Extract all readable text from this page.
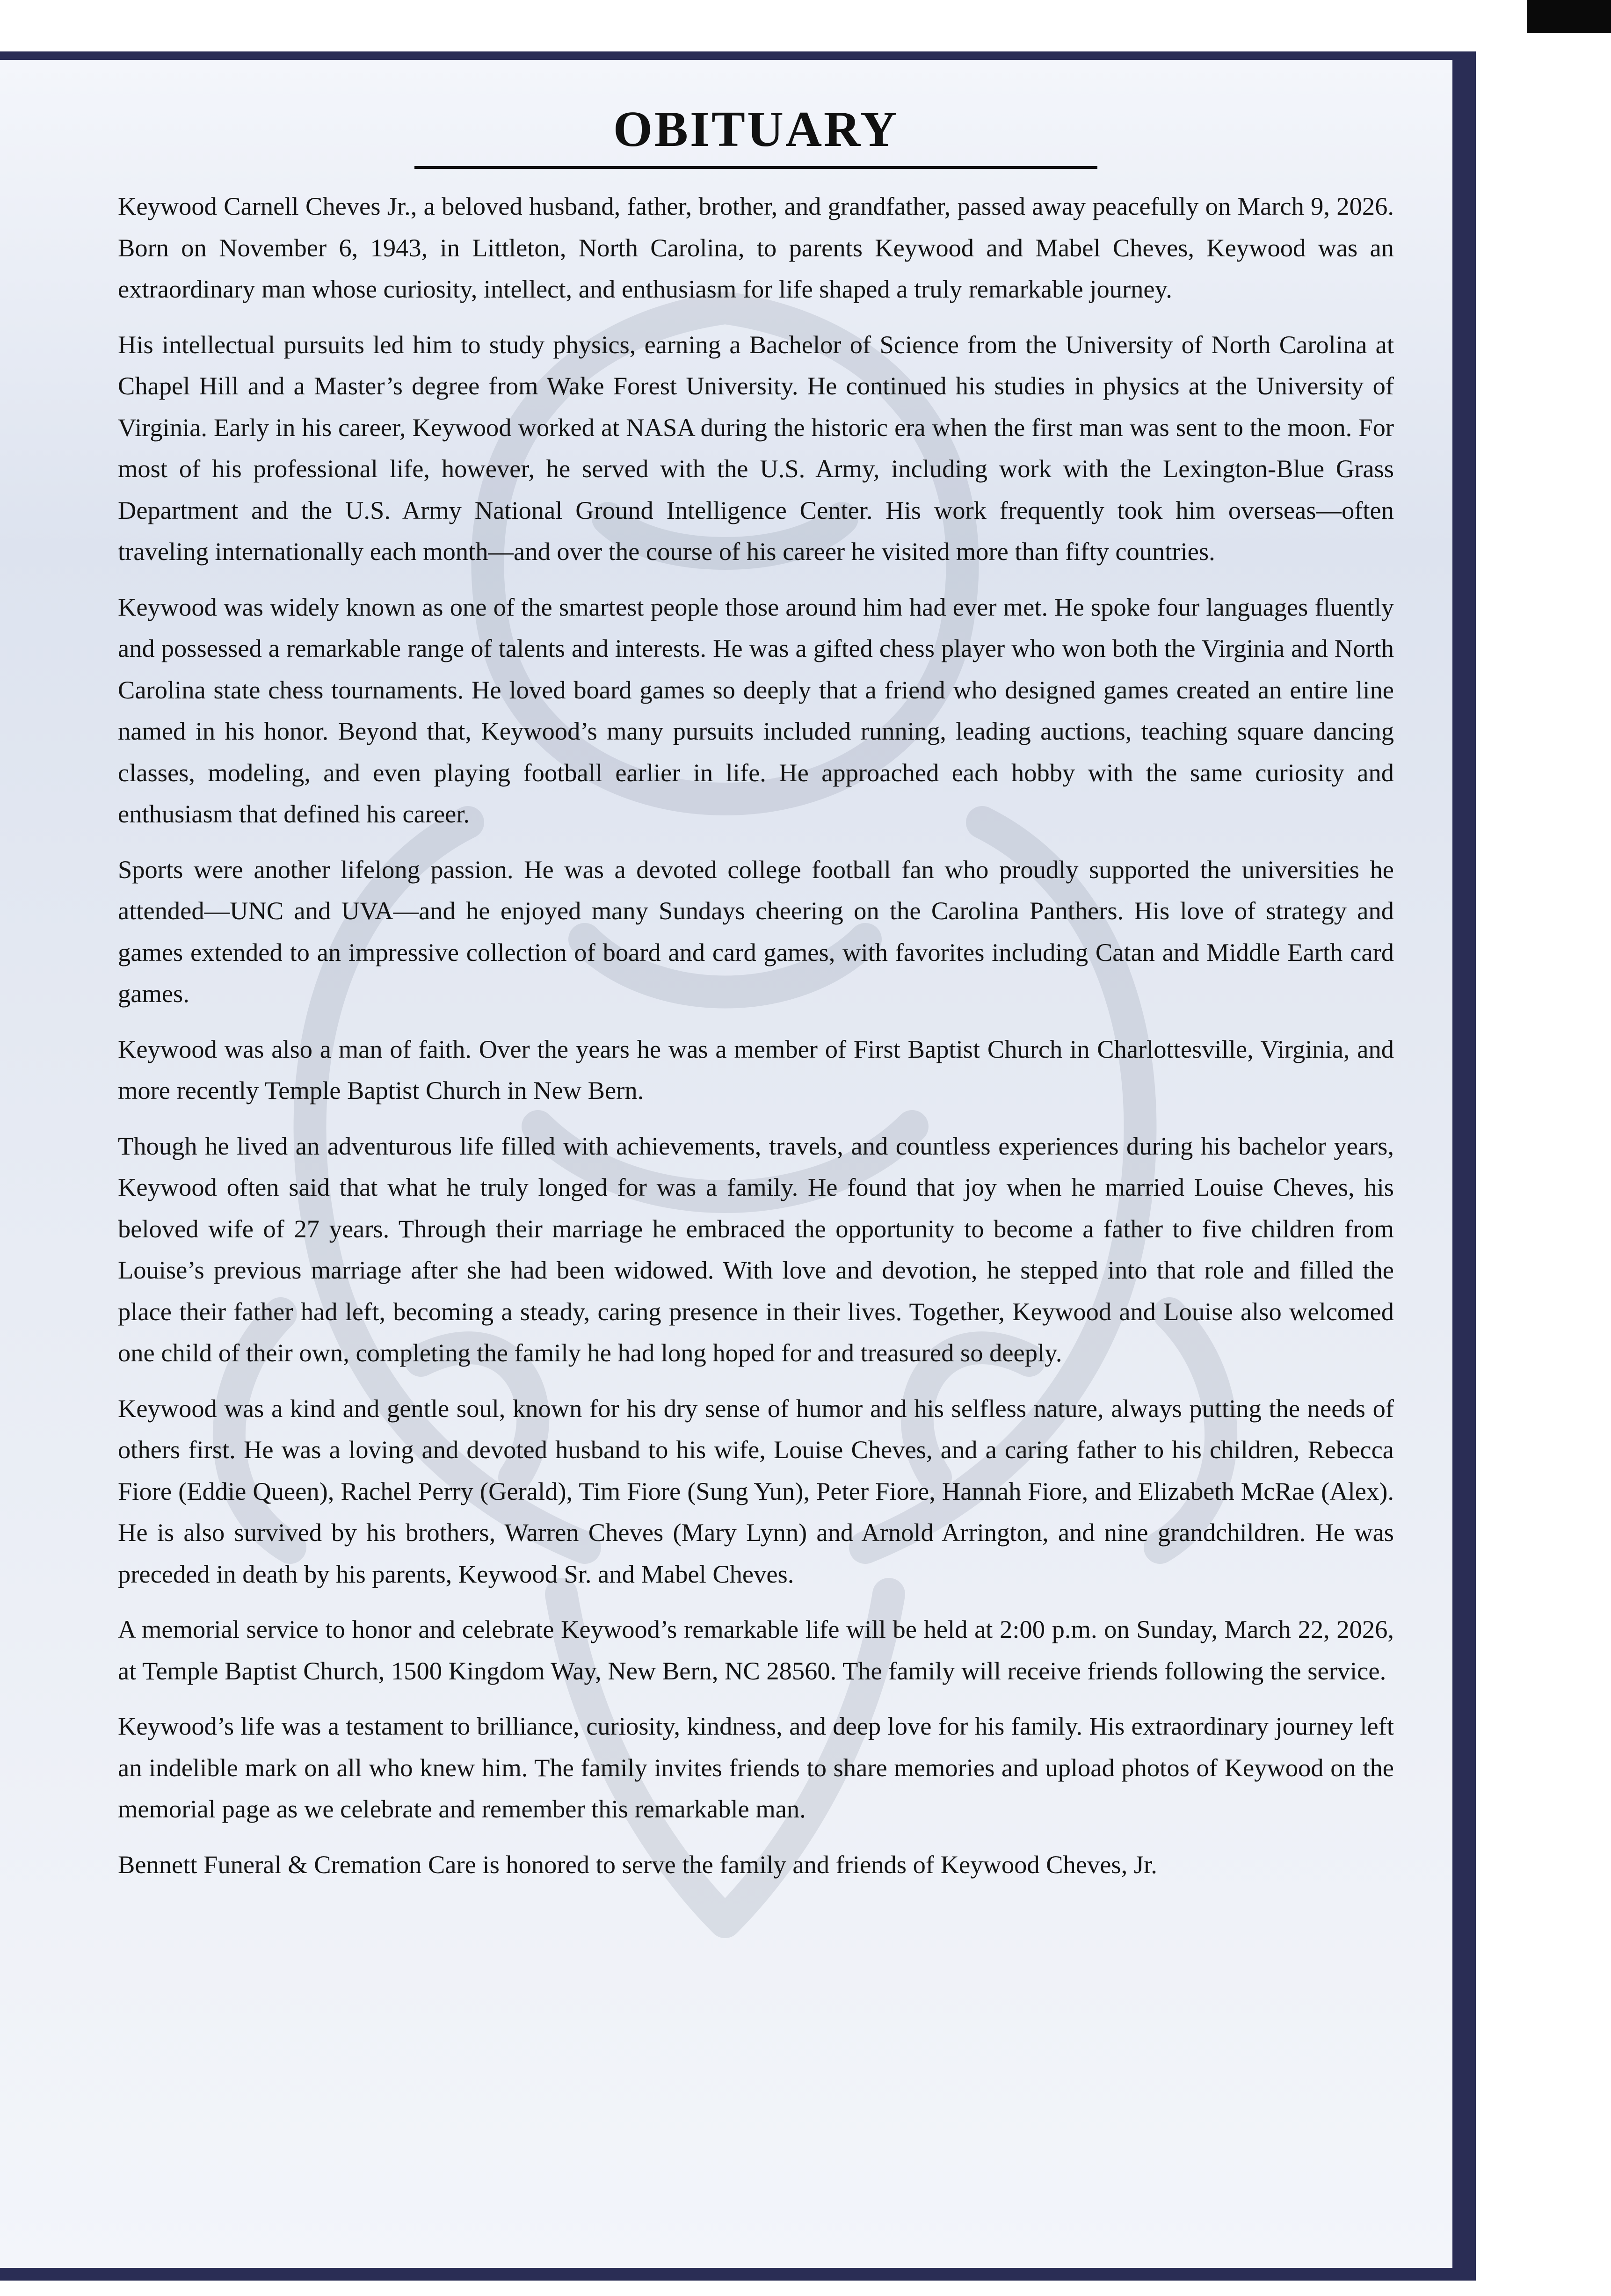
OBITUARY

Keywood Carnell Cheves Jr., a beloved husband, father, brother, and grandfather, passed away peacefully on March 9, 2026. Born on November 6, 1943, in Littleton, North Carolina, to parents Keywood and Mabel Cheves, Keywood was an extraordinary man whose curiosity, intellect, and enthusiasm for life shaped a truly remarkable journey.

His intellectual pursuits led him to study physics, earning a Bachelor of Science from the University of North Carolina at Chapel Hill and a Master’s degree from Wake Forest University. He continued his studies in physics at the University of Virginia. Early in his career, Keywood worked at NASA during the historic era when the first man was sent to the moon. For most of his professional life, however, he served with the U.S. Army, including work with the Lexington-Blue Grass Department and the U.S. Army National Ground Intelligence Center. His work frequently took him overseas—often traveling internationally each month—and over the course of his career he visited more than fifty countries.

Keywood was widely known as one of the smartest people those around him had ever met. He spoke four languages fluently and possessed a remarkable range of talents and interests. He was a gifted chess player who won both the Virginia and North Carolina state chess tournaments. He loved board games so deeply that a friend who designed games created an entire line named in his honor. Beyond that, Keywood’s many pursuits included running, leading auctions, teaching square dancing classes, modeling, and even playing football earlier in life. He approached each hobby with the same curiosity and enthusiasm that defined his career.

Sports were another lifelong passion. He was a devoted college football fan who proudly supported the universities he attended—UNC and UVA—and he enjoyed many Sundays cheering on the Carolina Panthers. His love of strategy and games extended to an impressive collection of board and card games, with favorites including Catan and Middle Earth card games.

Keywood was also a man of faith. Over the years he was a member of First Baptist Church in Charlottesville, Virginia, and more recently Temple Baptist Church in New Bern.

Though he lived an adventurous life filled with achievements, travels, and countless experiences during his bachelor years, Keywood often said that what he truly longed for was a family. He found that joy when he married Louise Cheves, his beloved wife of 27 years. Through their marriage he embraced the opportunity to become a father to five children from Louise’s previous marriage after she had been widowed. With love and devotion, he stepped into that role and filled the place their father had left, becoming a steady, caring presence in their lives. Together, Keywood and Louise also welcomed one child of their own, completing the family he had long hoped for and treasured so deeply.

Keywood was a kind and gentle soul, known for his dry sense of humor and his selfless nature, always putting the needs of others first. He was a loving and devoted husband to his wife, Louise Cheves, and a caring father to his children, Rebecca Fiore (Eddie Queen), Rachel Perry (Gerald), Tim Fiore (Sung Yun), Peter Fiore, Hannah Fiore, and Elizabeth McRae (Alex). He is also survived by his brothers, Warren Cheves (Mary Lynn) and Arnold Arrington, and nine grandchildren. He was preceded in death by his parents, Keywood Sr. and Mabel Cheves.

A memorial service to honor and celebrate Keywood’s remarkable life will be held at 2:00 p.m. on Sunday, March 22, 2026, at Temple Baptist Church, 1500 Kingdom Way, New Bern, NC 28560. The family will receive friends following the service.

Keywood’s life was a testament to brilliance, curiosity, kindness, and deep love for his family. His extraordinary journey left an indelible mark on all who knew him. The family invites friends to share memories and upload photos of Keywood on the memorial page as we celebrate and remember this remarkable man.

Bennett Funeral & Cremation Care is honored to serve the family and friends of Keywood Cheves, Jr.
